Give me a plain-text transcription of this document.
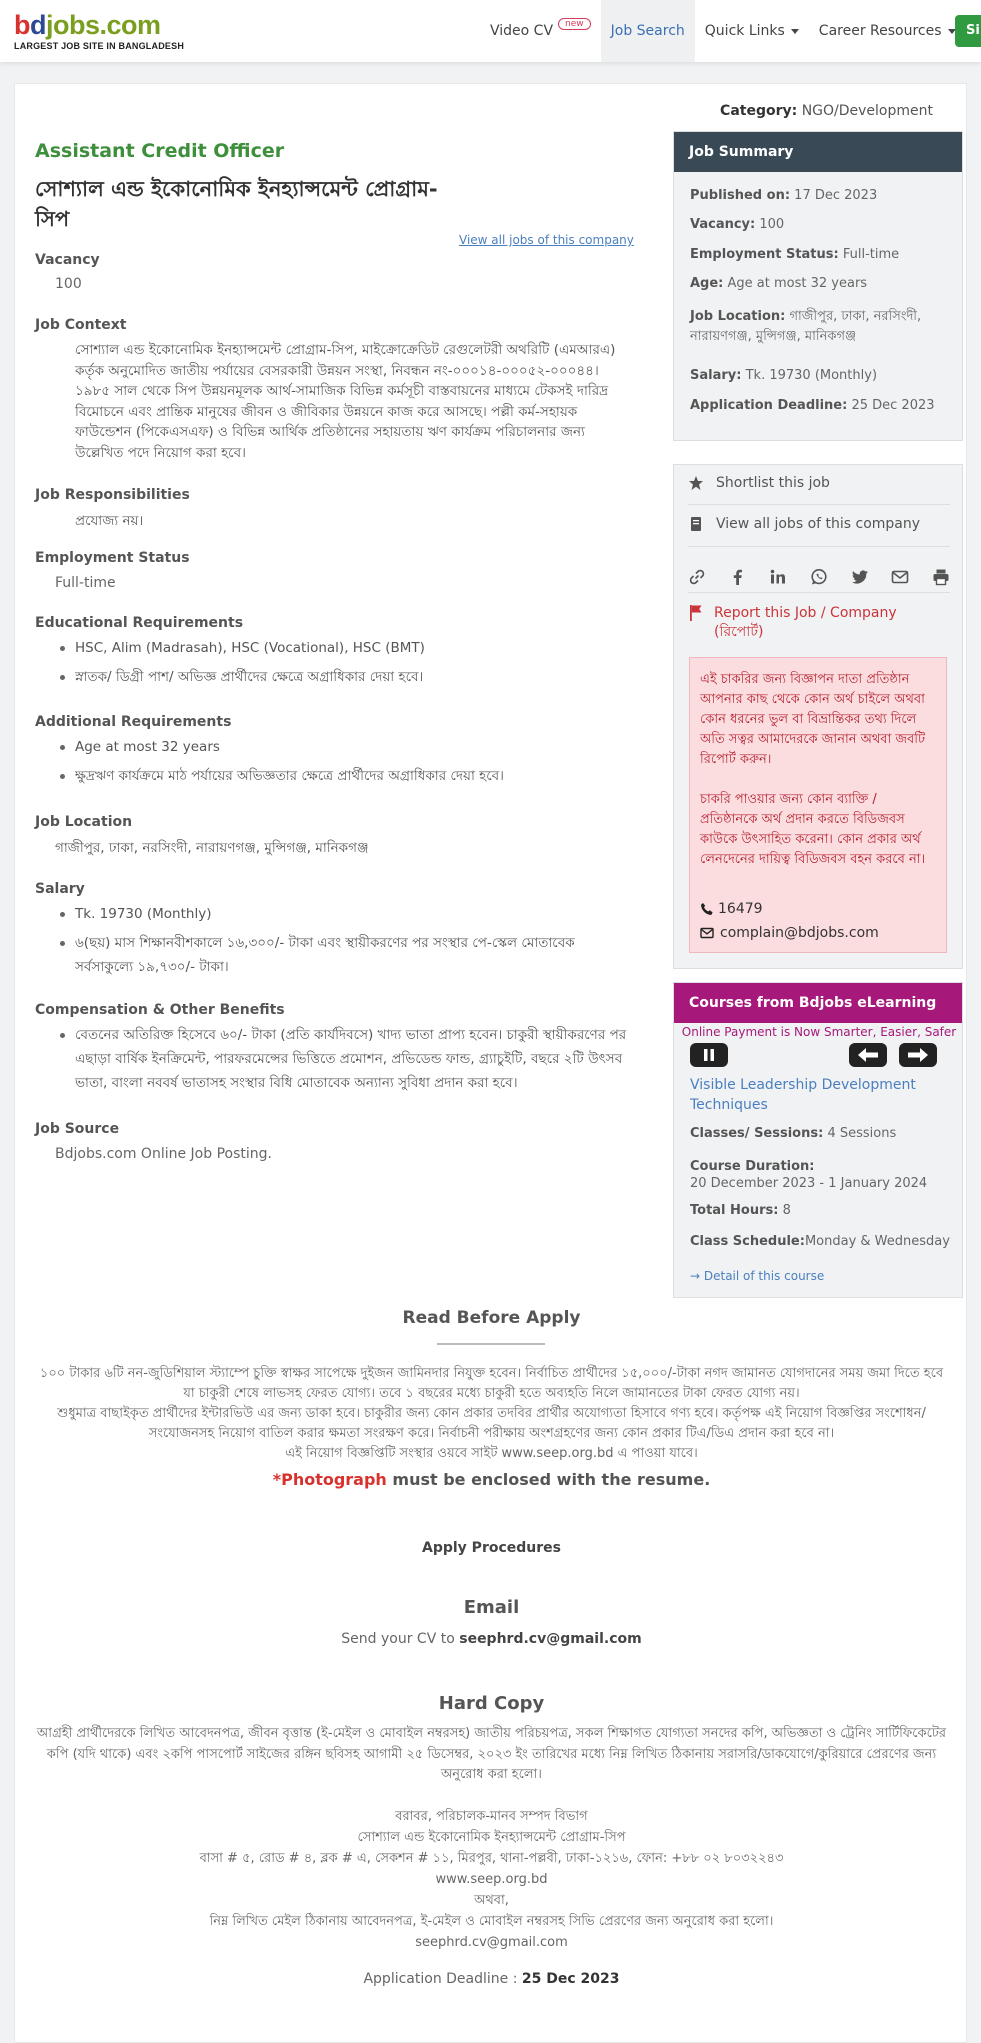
bdjobs.com
LARGEST JOB SITE IN BANGLADESH
Video CV	new	Job Search Quick Links Career Resources	Si
Category: NGO/Development
Assistant Credit Officer
সোশ্যাল এন্ড ইকোনোমিক ইনহ্যান্সমেন্ট প্রোগ্রাম-সিপ
View all jobs of this company
Vacancy
100
Job Context
সোশ্যাল এন্ড ইকোনোমিক ইনহ্যান্সমেন্ট প্রোগ্রাম-সিপ, মাইক্রোক্রেডিট রেগুলেটরী অথরিটি (এমআরএ) কর্তৃক অনুমোদিত জাতীয় পর্যায়ের বেসরকারী উন্নয়ন সংস্থা, নিবন্ধন নং-০০০১৪-০০০৫২-০০০৪৪। ১৯৮৫ সাল থেকে সিপ উন্নয়নমূলক আর্থ-সামাজিক বিভিন্ন কর্মসূচী বাস্তবায়নের মাধ্যমে টেকসই দারিদ্র বিমোচনে এবং প্রান্তিক মানুষের জীবন ও জীবিকার উন্নয়নে কাজ করে আসছে। পল্লী কর্ম-সহায়ক ফাউন্ডেশন (পিকেএসএফ) ও বিভিন্ন আর্থিক প্রতিষ্ঠানের সহায়তায় ঋণ কার্যক্রম পরিচালনার জন্য উল্লেখিত পদে নিয়োগ করা হবে।
Job Responsibilities
প্রযোজ্য নয়।
Employment Status
Full-time
Educational Requirements
HSC, Alim (Madrasah), HSC (Vocational), HSC (BMT)
স্নাতক/ ডিগ্রী পাশ/ অভিজ্ঞ প্রার্থীদের ক্ষেত্রে অগ্রাধিকার দেয়া হবে।
Additional Requirements
Age at most 32 years
ক্ষুদ্রঋণ কার্যক্রমে মাঠ পর্যায়ের অভিজ্ঞতার ক্ষেত্রে প্রার্থীদের অগ্রাধিকার দেয়া হবে।
Job Location
গাজীপুর, ঢাকা, নরসিংদী, নারায়ণগঞ্জ, মুন্সিগঞ্জ, মানিকগঞ্জ
Salary
Tk. 19730 (Monthly)
৬(ছয়) মাস শিক্ষানবীশকালে ১৬,৩০০/- টাকা এবং স্থায়ীকরণের পর সংস্থার পে-স্কেল মোতাবেক সর্বসাকুল্যে ১৯,৭৩০/- টাকা।
Compensation & Other Benefits
বেতনের অতিরিক্ত হিসেবে ৬০/- টাকা (প্রতি কার্যদিবসে) খাদ্য ভাতা প্রাপ্য হবেন। চাকুরী স্থায়ীকরণের পর এছাড়া বার্ষিক ইনক্রিমেন্ট, পারফরমেন্সের ভিত্তিতে প্রমোশন, প্রভিডেন্ড ফান্ড, গ্র্যাচুইটি, বছরে ২টি উৎসব ভাতা, বাংলা নববর্ষ ভাতাসহ সংস্থার বিধি মোতাবেক অন্যান্য সুবিধা প্রদান করা হবে।
Job Source
Bdjobs.com Online Job Posting.
Job Summary
Published on: 17 Dec 2023
Vacancy: 100
Employment Status: Full-time
Age: Age at most 32 years
Job Location: গাজীপুর, ঢাকা, নরসিংদী, নারায়ণগঞ্জ, মুন্সিগঞ্জ, মানিকগঞ্জ
Salary: Tk. 19730 (Monthly)
Application Deadline: 25 Dec 2023
Shortlist this job
View all jobs of this company
Report this Job / Company
(রিপোর্ট)
এই চাকরির জন্য বিজ্ঞাপন দাতা প্রতিষ্ঠান আপনার কাছ থেকে কোন অর্থ চাইলে অথবা কোন ধরনের ভুল বা বিভ্রান্তিকর তথ্য দিলে অতি সত্বর আমাদেরকে জানান অথবা জবটি রিপোর্ট করুন।
চাকরি পাওয়ার জন্য কোন ব্যাক্তি / প্রতিষ্ঠানকে অর্থ প্রদান করতে বিডিজবস কাউকে উৎসাহিত করেনা। কোন প্রকার অর্থ লেনদেনের দায়িত্ব বিডিজবস বহন করবে না।
16479
complain@bdjobs.com
Courses from Bdjobs eLearning
Online Payment is Now Smarter, Easier, Safer
Visible Leadership Development Techniques
Classes/ Sessions: 4 Sessions
Course Duration:
20 December 2023 - 1 January 2024
Total Hours: 8
Class Schedule:Monday & Wednesday
→ Detail of this course
Read Before Apply
১০০ টাকার ৬টি নন-জুডিশিয়াল স্ট্যাম্পে চুক্তি স্বাক্ষর সাপেক্ষে দুইজন জামিনদার নিযুক্ত হবেন। নির্বাচিত প্রার্থীদের ১৫,০০০/-টাকা নগদ জামানত যোগদানের সময় জমা দিতে হবে যা চাকুরী শেষে লাভসহ ফেরত যোগ্য। তবে ১ বছরের মধ্যে চাকুরী হতে অব্যহতি নিলে জামানতের টাকা ফেরত যোগ্য নয়।
শুধুমাত্র বাছাইকৃত প্রার্থীদের ইন্টারভিউ এর জন্য ডাকা হবে। চাকুরীর জন্য কোন প্রকার তদবির প্রার্থীর অযোগ্যতা হিসাবে গণ্য হবে। কর্তৃপক্ষ এই নিয়োগ বিজ্ঞপ্তির সংশোধন/সংযোজনসহ নিয়োগ বাতিল করার ক্ষমতা সংরক্ষণ করে। নির্বাচনী পরীক্ষায় অংশগ্রহণের জন্য কোন প্রকার টিএ/ডিএ প্রদান করা হবে না।
এই নিয়োগ বিজ্ঞপ্তিটি সংস্থার ওয়বে সাইট www.seep.org.bd এ পাওয়া যাবে।
*Photograph must be enclosed with the resume.
Apply Procedures
Email
Send your CV to seephrd.cv@gmail.com
Hard Copy
আগ্রহী প্রার্থীদেরকে লিখিত আবেদনপত্র, জীবন বৃত্তান্ত (ই-মেইল ও মোবাইল নম্বরসহ) জাতীয় পরিচয়পত্র, সকল শিক্ষাগত যোগ্যতা সনদের কপি, অভিজ্ঞতা ও ট্রেনিং সার্টিফিকেটের কপি (যদি থাকে) এবং ২কপি পাসপোর্ট সাইজের রঙ্গিন ছবিসহ আগামী ২৫ ডিসেম্বর, ২০২৩ ইং তারিখের মধ্যে নিম্ন লিখিত ঠিকানায় সরাসরি/ডাকযোগে/কুরিয়ারে প্রেরণের জন্য অনুরোধ করা হলো।
বরাবর, পরিচালক-মানব সম্পদ বিভাগ
সোশ্যাল এন্ড ইকোনোমিক ইনহ্যান্সমেন্ট প্রোগ্রাম-সিপ
বাসা # ৫, রোড # ৪, ব্লক # এ, সেকশন # ১১, মিরপুর, থানা-পল্লবী, ঢাকা-১২১৬, ফোন: +৮৮ ০২ ৮০৩২২৪৩
www.seep.org.bd
অথবা,
নিম্ন লিখিত মেইল ঠিকানায় আবেদনপত্র, ই-মেইল ও মোবাইল নম্বরসহ সিভি প্রেরণের জন্য অনুরোধ করা হলো।
seephrd.cv@gmail.com
Application Deadline : 25 Dec 2023
